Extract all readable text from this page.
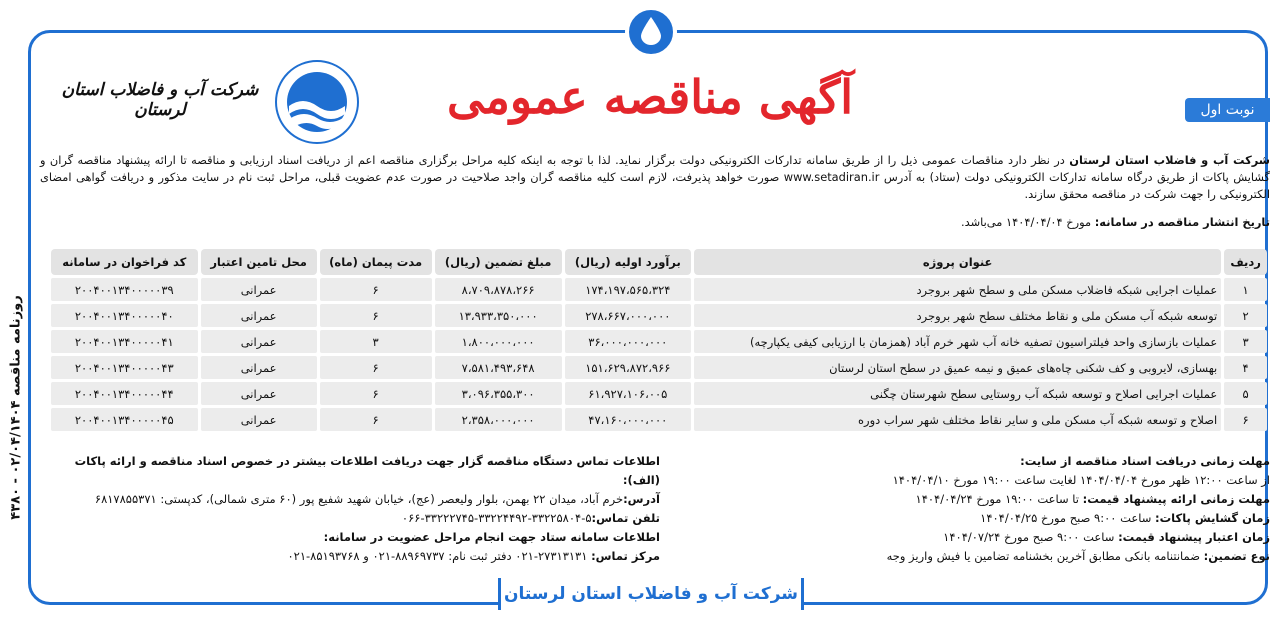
نوبت اول
آگهی مناقصه عمومی
شرکت آب و فاضلاب استان لرستان
شرکت آب و فاضلاب استان لرستان در نظر دارد مناقصات عمومی ذیل را از طریق سامانه تدارکات الکترونیکی دولت برگزار نماید. لذا با توجه به اینکه کلیه مراحل برگزاری مناقصه اعم از دریافت اسناد ارزیابی و مناقصه تا ارائه پیشنهاد مناقصه گران و گشایش پاکات از طریق درگاه سامانه تدارکات الکترونیکی دولت (ستاد) به آدرس www.setadiran.ir صورت خواهد پذیرفت، لازم است کلیه مناقصه گران واجد صلاحیت در صورت عدم عضویت قبلی، مراحل ثبت نام در سایت مذکور و دریافت گواهی امضای الکترونیکی را جهت شرکت در مناقصه محقق سازند.
تاریخ انتشار مناقصه در سامانه: مورخ ۱۴۰۴/۰۴/۰۴ می‌باشد.
ردیف	عنوان پروژه	برآورد اولیه (ریال)	مبلغ تضمین (ریال)	مدت پیمان (ماه)	محل تامین اعتبار	کد فراخوان در سامانه
۱	عملیات اجرایی شبکه فاضلاب مسکن ملی و سطح شهر بروجرد	۱۷۴،۱۹۷،۵۶۵،۳۲۴	۸،۷۰۹،۸۷۸،۲۶۶	۶	عمرانی	۲۰۰۴۰۰۱۳۴۰۰۰۰۰۳۹
۲	توسعه شبکه آب مسکن ملی و نقاط مختلف سطح شهر بروجرد	۲۷۸،۶۶۷،۰۰۰،۰۰۰	۱۳،۹۳۳،۳۵۰،۰۰۰	۶	عمرانی	۲۰۰۴۰۰۱۳۴۰۰۰۰۰۴۰
۳	عملیات بازسازی واحد فیلتراسیون تصفیه خانه آب شهر خرم آباد (همزمان با ارزیابی کیفی یکپارچه)	۳۶،۰۰۰،۰۰۰،۰۰۰	۱،۸۰۰،۰۰۰،۰۰۰	۳	عمرانی	۲۰۰۴۰۰۱۳۴۰۰۰۰۰۴۱
۴	بهسازی، لایروبی و کف شکنی چاه‌های عمیق و نیمه عمیق در سطح استان لرستان	۱۵۱،۶۲۹،۸۷۲،۹۶۶	۷،۵۸۱،۴۹۳،۶۴۸	۶	عمرانی	۲۰۰۴۰۰۱۳۴۰۰۰۰۰۴۳
۵	عملیات اجرایی اصلاح و توسعه شبکه آب روستایی سطح شهرستان چگنی	۶۱،۹۲۷،۱۰۶،۰۰۵	۳،۰۹۶،۳۵۵،۳۰۰	۶	عمرانی	۲۰۰۴۰۰۱۳۴۰۰۰۰۰۴۴
۶	اصلاح و توسعه شبکه آب مسکن ملی و سایر نقاط مختلف شهر سراب دوره	۴۷،۱۶۰،۰۰۰،۰۰۰	۲،۳۵۸،۰۰۰،۰۰۰	۶	عمرانی	۲۰۰۴۰۰۱۳۴۰۰۰۰۰۴۵
روزنامه مناقصه ۰۲/۰۴/۱۴۰۴ - ۴۳۸۰
مهلت زمانی دریافت اسناد مناقصه از سایت:
از ساعت ۱۲:۰۰ ظهر مورخ ۱۴۰۴/۰۴/۰۴ لغایت ساعت ۱۹:۰۰ مورخ ۱۴۰۴/۰۴/۱۰
مهلت زمانی ارائه پیشنهاد قیمت: تا ساعت ۱۹:۰۰ مورخ ۱۴۰۴/۰۴/۲۴
زمان گشایش پاکات: ساعت ۹:۰۰ صبح مورخ ۱۴۰۴/۰۴/۲۵
زمان اعتبار پیشنهاد قیمت: ساعت ۹:۰۰ صبح مورخ ۱۴۰۴/۰۷/۲۴
نوع تضمین: ضمانتنامه بانکی مطابق آخرین بخشنامه تضامین یا فیش واریز وجه
اطلاعات تماس دستگاه مناقصه گزار جهت دریافت اطلاعات بیشتر در خصوص اسناد مناقصه و ارائه پاکات (الف):
آدرس:خرم آباد، میدان ۲۲ بهمن، بلوار ولیعصر (عج)، خیابان شهید شفیع پور (۶۰ متری شمالی)، کدپستی: ۶۸۱۷۸۵۵۳۷۱
تلفن تماس:۵-۳۳۲۲۵۸۰۴-۳۳۲۲۴۴۹۲-۳۳۲۲۲۷۴۵-۰۶۶
اطلاعات سامانه ستاد جهت انجام مراحل عضویت در سامانه:
مرکز تماس: ۲۷۳۱۳۱۳۱-۰۲۱ دفتر ثبت نام: ۸۸۹۶۹۷۳۷-۰۲۱ و ۸۵۱۹۳۷۶۸-۰۲۱
شرکت آب و فاضلاب استان لرستان
